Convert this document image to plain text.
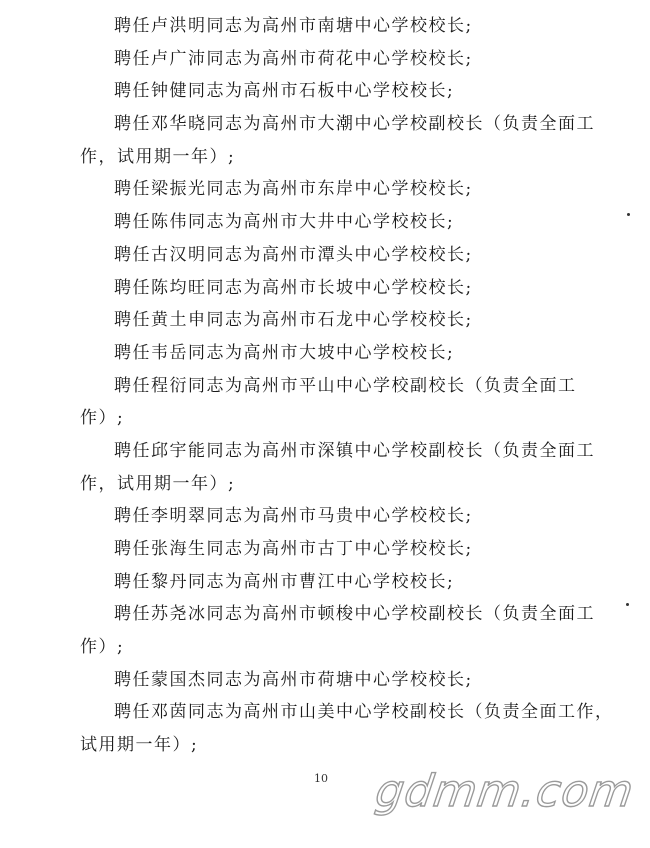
聘任卢洪明同志为高州市南塘中心学校校长;
聘任卢广沛同志为高州市荷花中心学校校长;
聘任钟健同志为高州市石板中心学校校长;
聘任邓华晓同志为高州市大潮中心学校副校长（负责全面工
作，试用期一年）;
聘任梁振光同志为高州市东岸中心学校校长;
聘任陈伟同志为高州市大井中心学校校长;
聘任古汉明同志为高州市潭头中心学校校长;
聘任陈均旺同志为高州市长坡中心学校校长;
聘任黄土申同志为高州市石龙中心学校校长;
聘任韦岳同志为高州市大坡中心学校校长;
聘任程衍同志为高州市平山中心学校副校长（负责全面工
作）;
聘任邱宇能同志为高州市深镇中心学校副校长（负责全面工
作，试用期一年）;
聘任李明翠同志为高州市马贵中心学校校长;
聘任张海生同志为高州市古丁中心学校校长;
聘任黎丹同志为高州市曹江中心学校校长;
聘任苏尧冰同志为高州市顿梭中心学校副校长（负责全面工
作）;
聘任蒙国杰同志为高州市荷塘中心学校校长;
聘任邓茵同志为高州市山美中心学校副校长（负责全面工作，
试用期一年）;
10 gdmm.com
